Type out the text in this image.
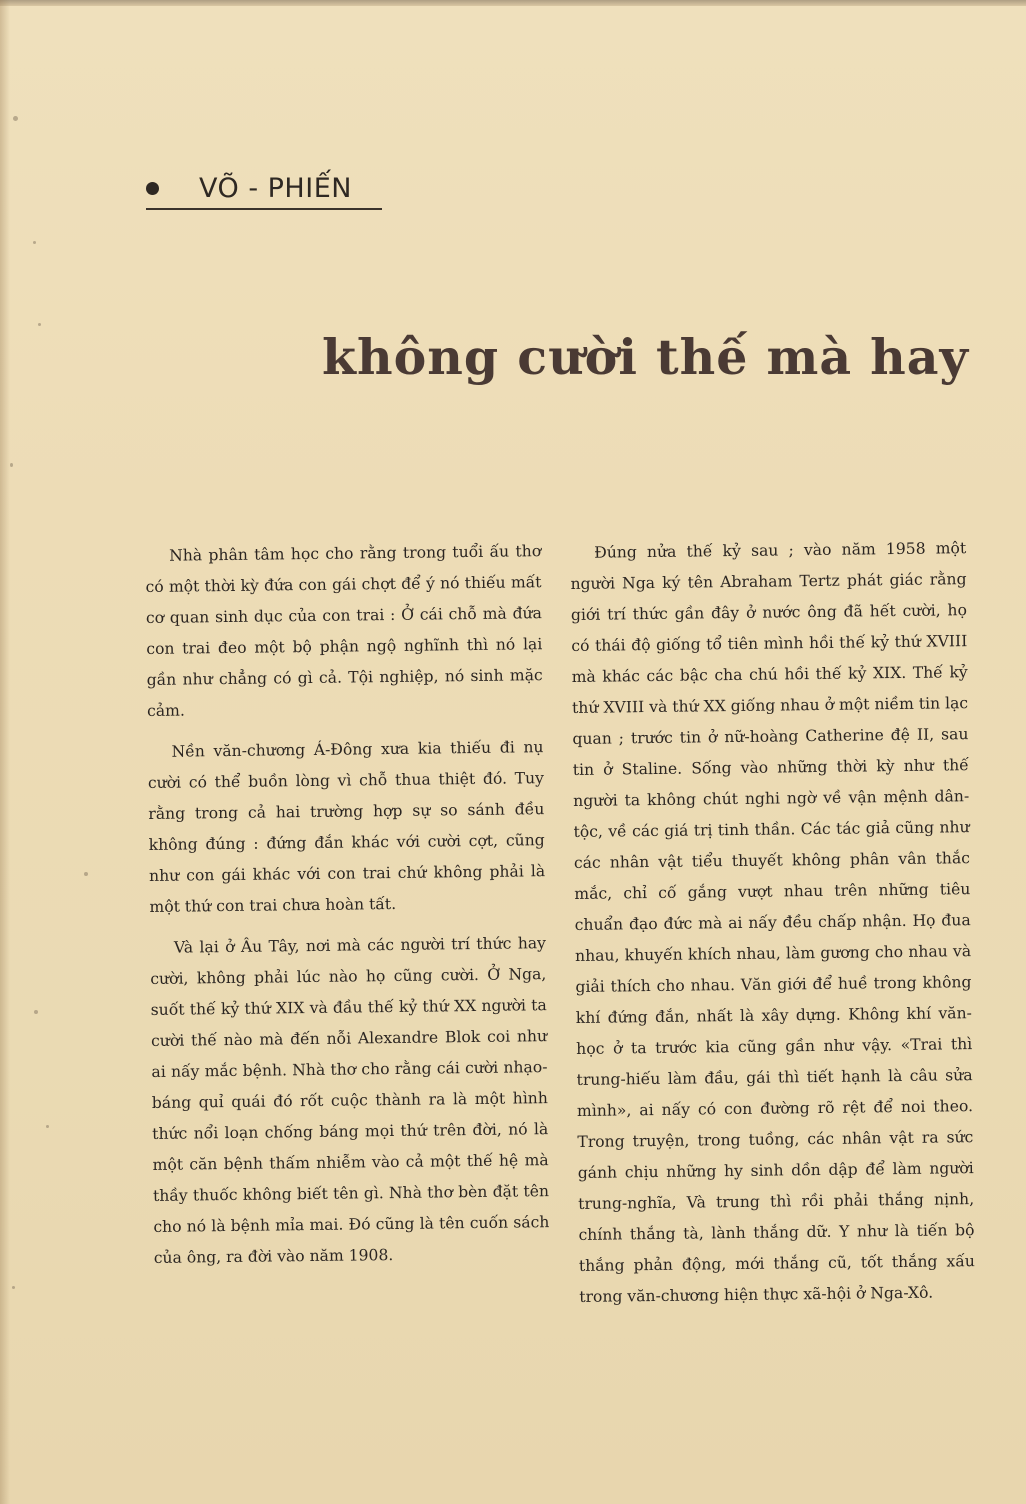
VÕ - PHIẾN
không cười thế mà hay

Nhà phân tâm học cho rằng trong tuổi ấu thơ có một thời kỳ đứa con gái chợt để ý nó thiếu mất cơ quan sinh dục của con trai : Ở cái chỗ mà đứa con trai đeo một bộ phận ngộ nghĩnh thì nó lại gần như chẳng có gì cả. Tội nghiệp, nó sinh mặc cảm.

Nền văn-chương Á-Đông xưa kia thiếu đi nụ cười có thể buồn lòng vì chỗ thua thiệt đó. Tuy rằng trong cả hai trường hợp sự so sánh đều không đúng : đứng đắn khác với cười cợt, cũng như con gái khác với con trai chứ không phải là một thứ con trai chưa hoàn tất.

Và lại ở Âu Tây, nơi mà các người trí thức hay cười, không phải lúc nào họ cũng cười. Ở Nga, suốt thế kỷ thứ XIX và đầu thế kỷ thứ XX người ta cười thế nào mà đến nỗi Alexandre Blok coi như ai nấy mắc bệnh. Nhà thơ cho rằng cái cười nhạo-báng quỉ quái đó rốt cuộc thành ra là một hình thức nổi loạn chống báng mọi thứ trên đời, nó là một căn bệnh thấm nhiễm vào cả một thế hệ mà thầy thuốc không biết tên gì. Nhà thơ bèn đặt tên cho nó là bệnh mỉa mai. Đó cũng là tên cuốn sách của ông, ra đời vào năm 1908.

Đúng nửa thế kỷ sau ; vào năm 1958 một người Nga ký tên Abraham Tertz phát giác rằng giới trí thức gần đây ở nước ông đã hết cười, họ có thái độ giống tổ tiên mình hồi thế kỷ thứ XVIII mà khác các bậc cha chú hồi thế kỷ XIX. Thế kỷ thứ XVIII và thứ XX giống nhau ở một niềm tin lạc quan ; trước tin ở nữ-hoàng Catherine đệ II, sau tin ở Staline. Sống vào những thời kỳ như thế người ta không chút nghi ngờ về vận mệnh dân-tộc, về các giá trị tinh thần. Các tác giả cũng như các nhân vật tiểu thuyết không phân vân thắc mắc, chỉ cố gắng vượt nhau trên những tiêu chuẩn đạo đức mà ai nấy đều chấp nhận. Họ đua nhau, khuyến khích nhau, làm gương cho nhau và giải thích cho nhau. Văn giới để huề trong không khí đứng đắn, nhất là xây dựng. Không khí văn-học ở ta trước kia cũng gần như vậy. «Trai thì trung-hiếu làm đầu, gái thì tiết hạnh là câu sửa mình», ai nấy có con đường rõ rệt để noi theo. Trong truyện, trong tuồng, các nhân vật ra sức gánh chịu những hy sinh dồn dập để làm người trung-nghĩa, Và trung thì rồi phải thắng nịnh, chính thắng tà, lành thắng dữ. Y như là tiến bộ thắng phản động, mới thắng cũ, tốt thắng xấu trong văn-chương hiện thực xã-hội ở Nga-Xô.
